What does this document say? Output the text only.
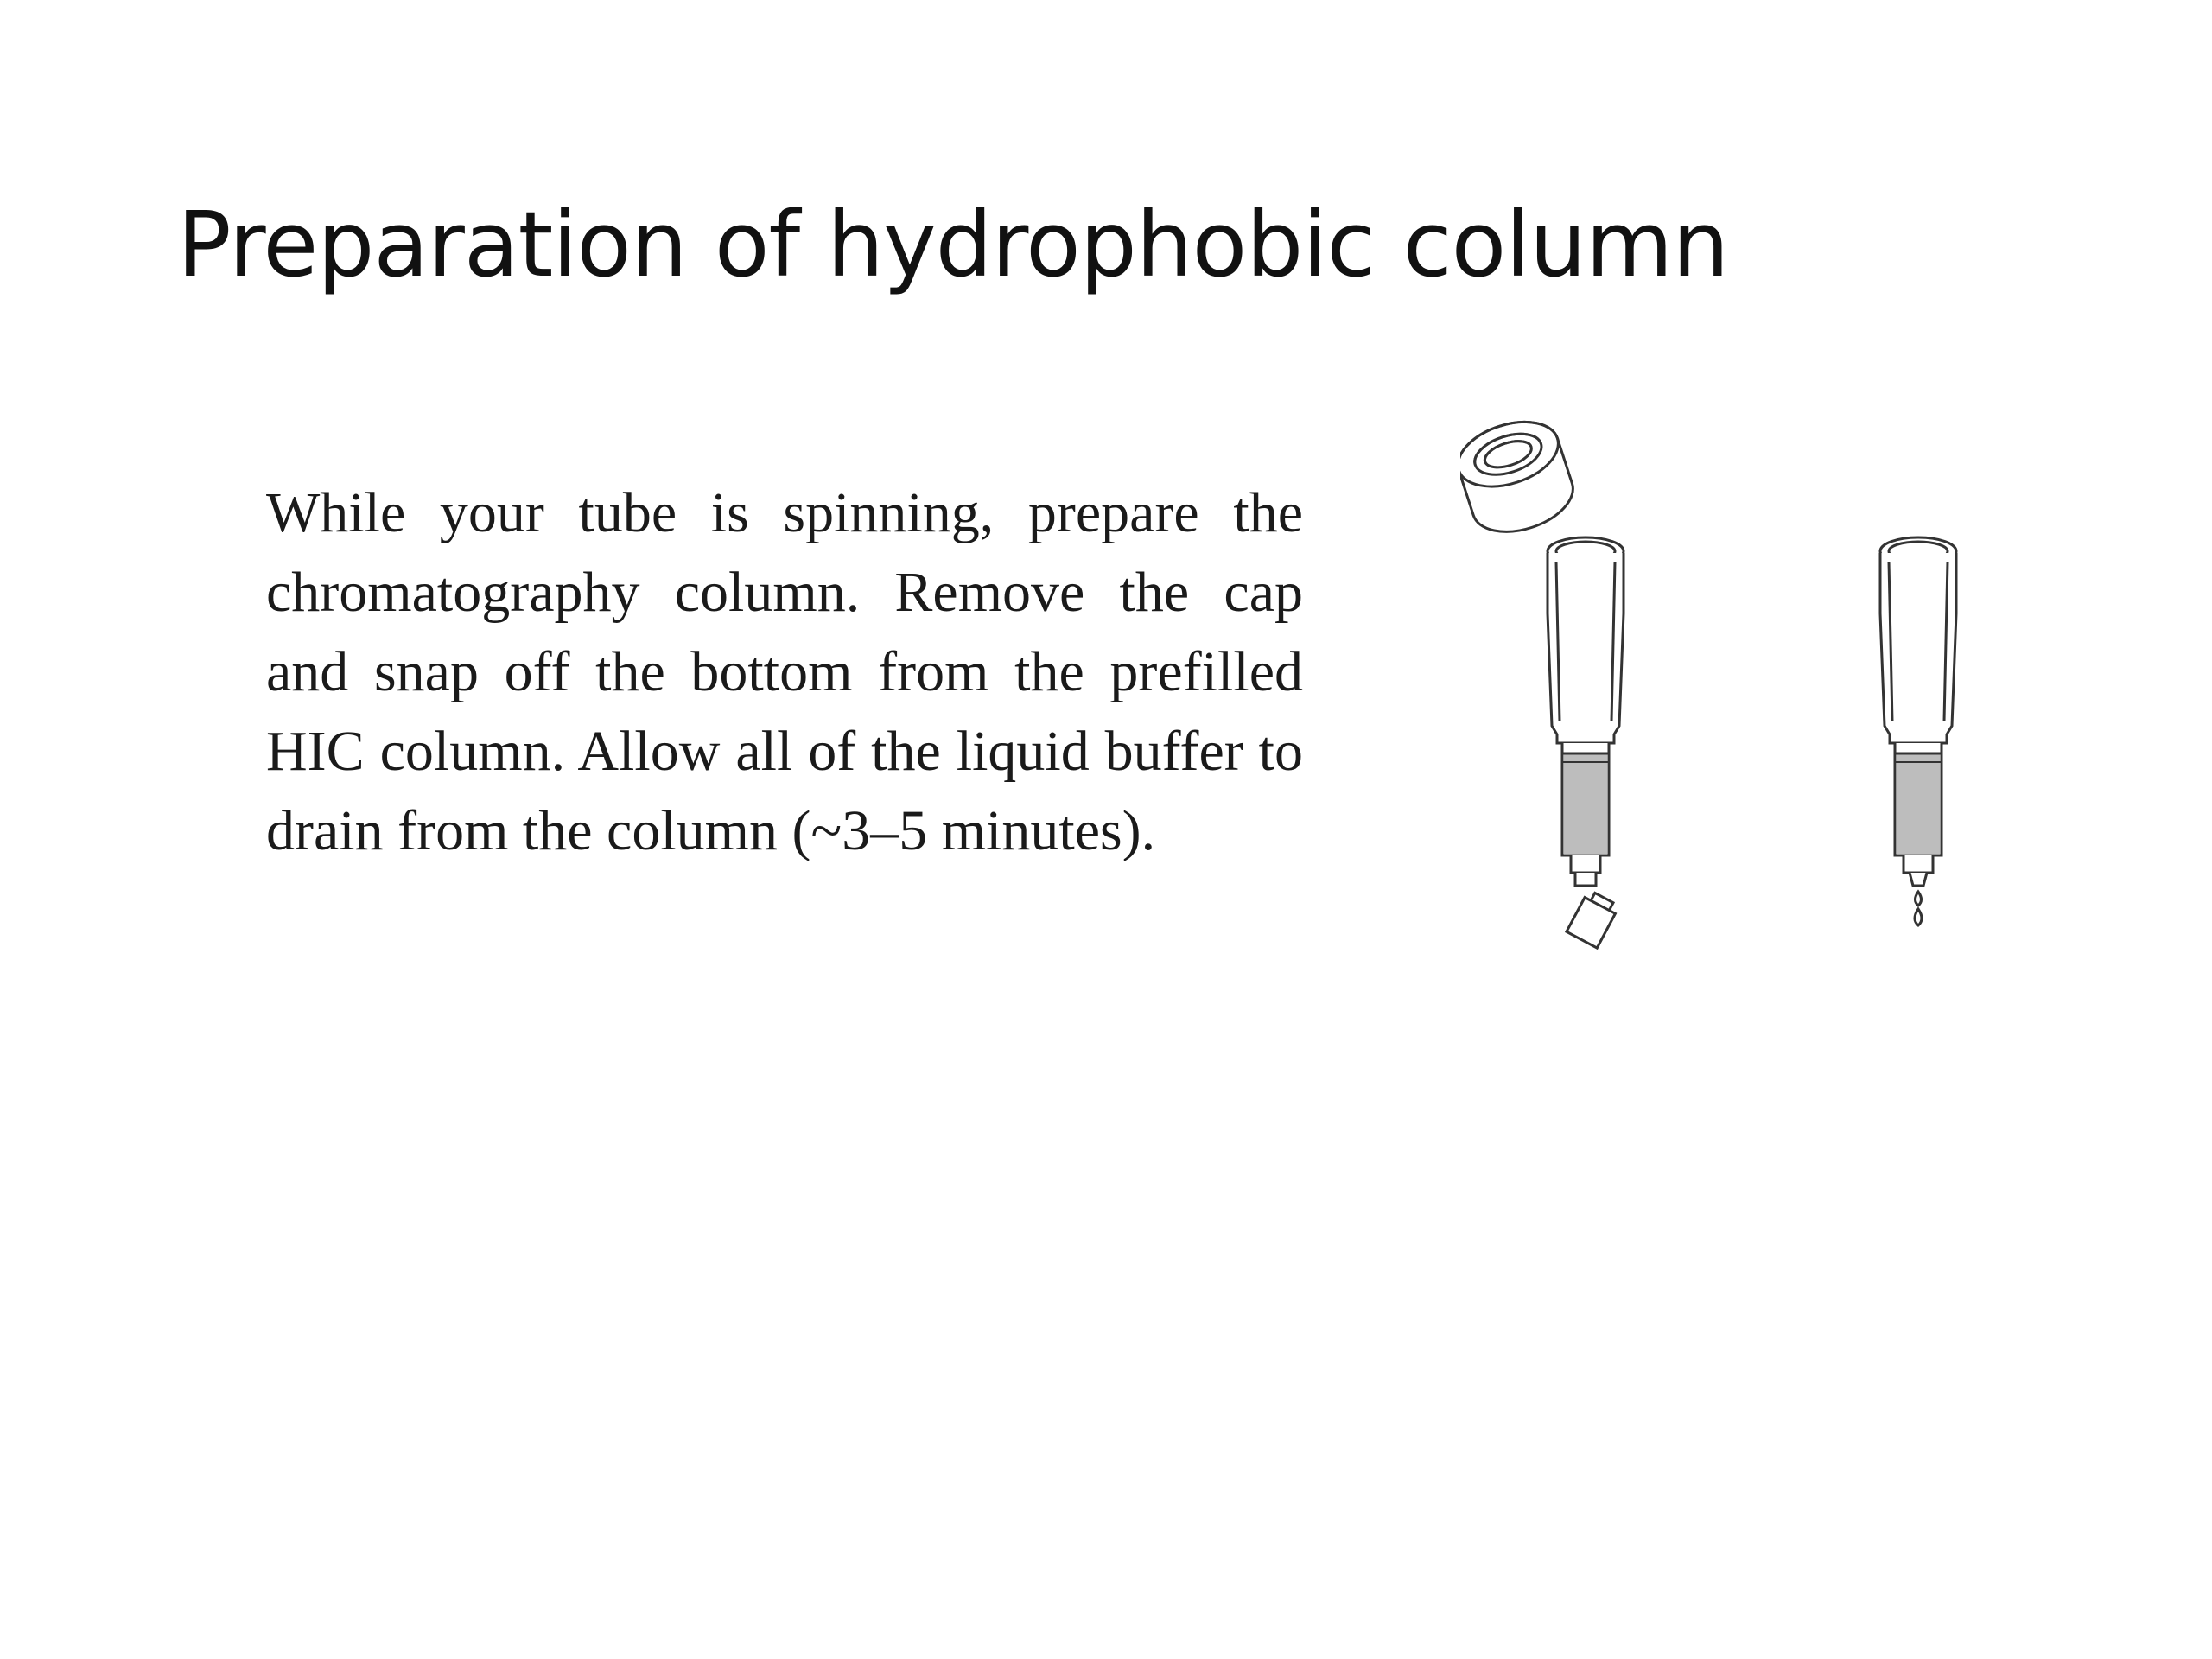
Preparation of hydrophobic column

While your tube is spinning, prepare the chromatography column. Remove the cap and snap off the bottom from the prefilled HIC column. Allow all of the liquid buffer to drain from the column (~3–5 minutes).
